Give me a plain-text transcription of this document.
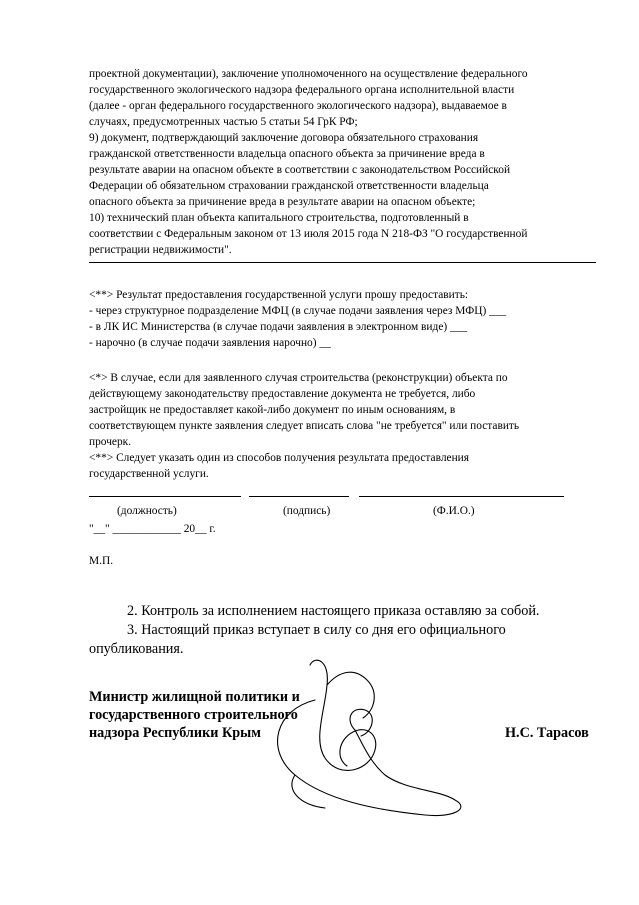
проектной документации), заключение уполномоченного на осуществление федерального

государственного экологического надзора федерального органа исполнительной власти

(далее - орган федерального государственного экологического надзора), выдаваемое в

случаях, предусмотренных частью 5 статьи 54 ГрК РФ;

9) документ, подтверждающий заключение договора обязательного страхования

гражданской ответственности владельца опасного объекта за причинение вреда в

результате аварии на опасном объекте в соответствии с законодательством Российской

Федерации об обязательном страховании гражданской ответственности владельца

опасного объекта за причинение вреда в результате аварии на опасном объекте;

10) технический план объекта капитального строительства, подготовленный в

соответствии с Федеральным законом от 13 июля 2015 года N 218-ФЗ "О государственной

регистрации недвижимости".

<**> Результат предоставления государственной услуги прошу предоставить:

- через структурное подразделение МФЦ (в случае подачи заявления через МФЦ) ___

- в ЛК ИС Министерства (в случае подачи заявления в электронном виде) ___

- нарочно (в случае подачи заявления нарочно) __

<*> В случае, если для заявленного случая строительства (реконструкции) объекта по

действующему законодательству предоставление документа не требуется, либо

застройщик не предоставляет какой-либо документ по иным основаниям, в

соответствующем пункте заявления следует вписать слова "не требуется" или поставить

прочерк.

<**> Следует указать один из способов получения результата предоставления

государственной услуги.

(должность)	(подпись)	(Ф.И.О.)
"__" ____________ 20__ г.
М.П.

2. Контроль за исполнением настоящего приказа оставляю за собой.

3. Настоящий приказ вступает в силу со дня его официального

опубликования.

Министр жилищной политики и
государственного строительного
надзора Республики Крым	Н.С. Тарасов
